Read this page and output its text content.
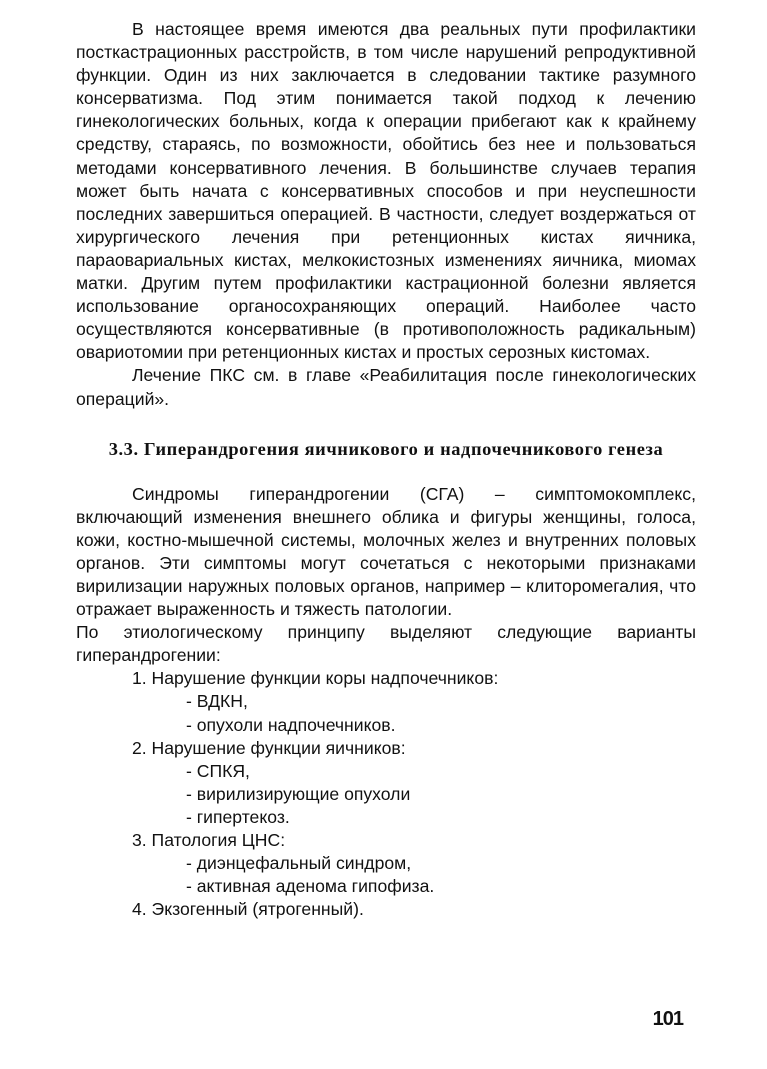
В настоящее время имеются два реальных пути профилактики посткастрационных расстройств, в том числе нарушений репродуктивной функции. Один из них заключается в следовании тактике разумного консерватизма. Под этим понимается такой подход к лечению гинекологических больных, когда к операции прибегают как к крайнему средству, стараясь, по возможности, обойтись без нее и пользоваться методами консервативного лечения. В большинстве случаев терапия может быть начата с консервативных способов и при неуспешности последних завершиться операцией. В частности, следует воздержаться от хирургического лечения при ретенционных кистах яичника, параовариальных кистах, мелкокистозных изменениях яичника, миомах матки. Другим путем профилактики кастрационной болезни является использование органосохраняющих операций. Наиболее часто осуществляются консервативные (в противоположность радикальным) овариотомии при ретенционных кистах и простых серозных кистомах.

Лечение ПКС см. в главе «Реабилитация после гинекологических операций».

3.3. Гиперандрогения яичникового и надпочечникового генеза

Синдромы гиперандрогении (СГА) – симптомокомплекс, включающий изменения внешнего облика и фигуры женщины, голоса, кожи, костно-мышечной системы, молочных желез и внутренних половых органов. Эти симптомы могут сочетаться с некоторыми признаками вирилизации наружных половых органов, например – клиторомегалия, что отражает выраженность и тяжесть патологии.

По этиологическому принципу выделяют следующие варианты гиперандрогении:

1. Нарушение функции коры надпочечников:
- ВДКН,
- опухоли надпочечников.
2. Нарушение функции яичников:
- СПКЯ,
- вирилизирующие опухоли
- гипертекоз.
3. Патология ЦНС:
- диэнцефальный синдром,
- активная аденома гипофиза.
4. Экзогенный (ятрогенный).
101
